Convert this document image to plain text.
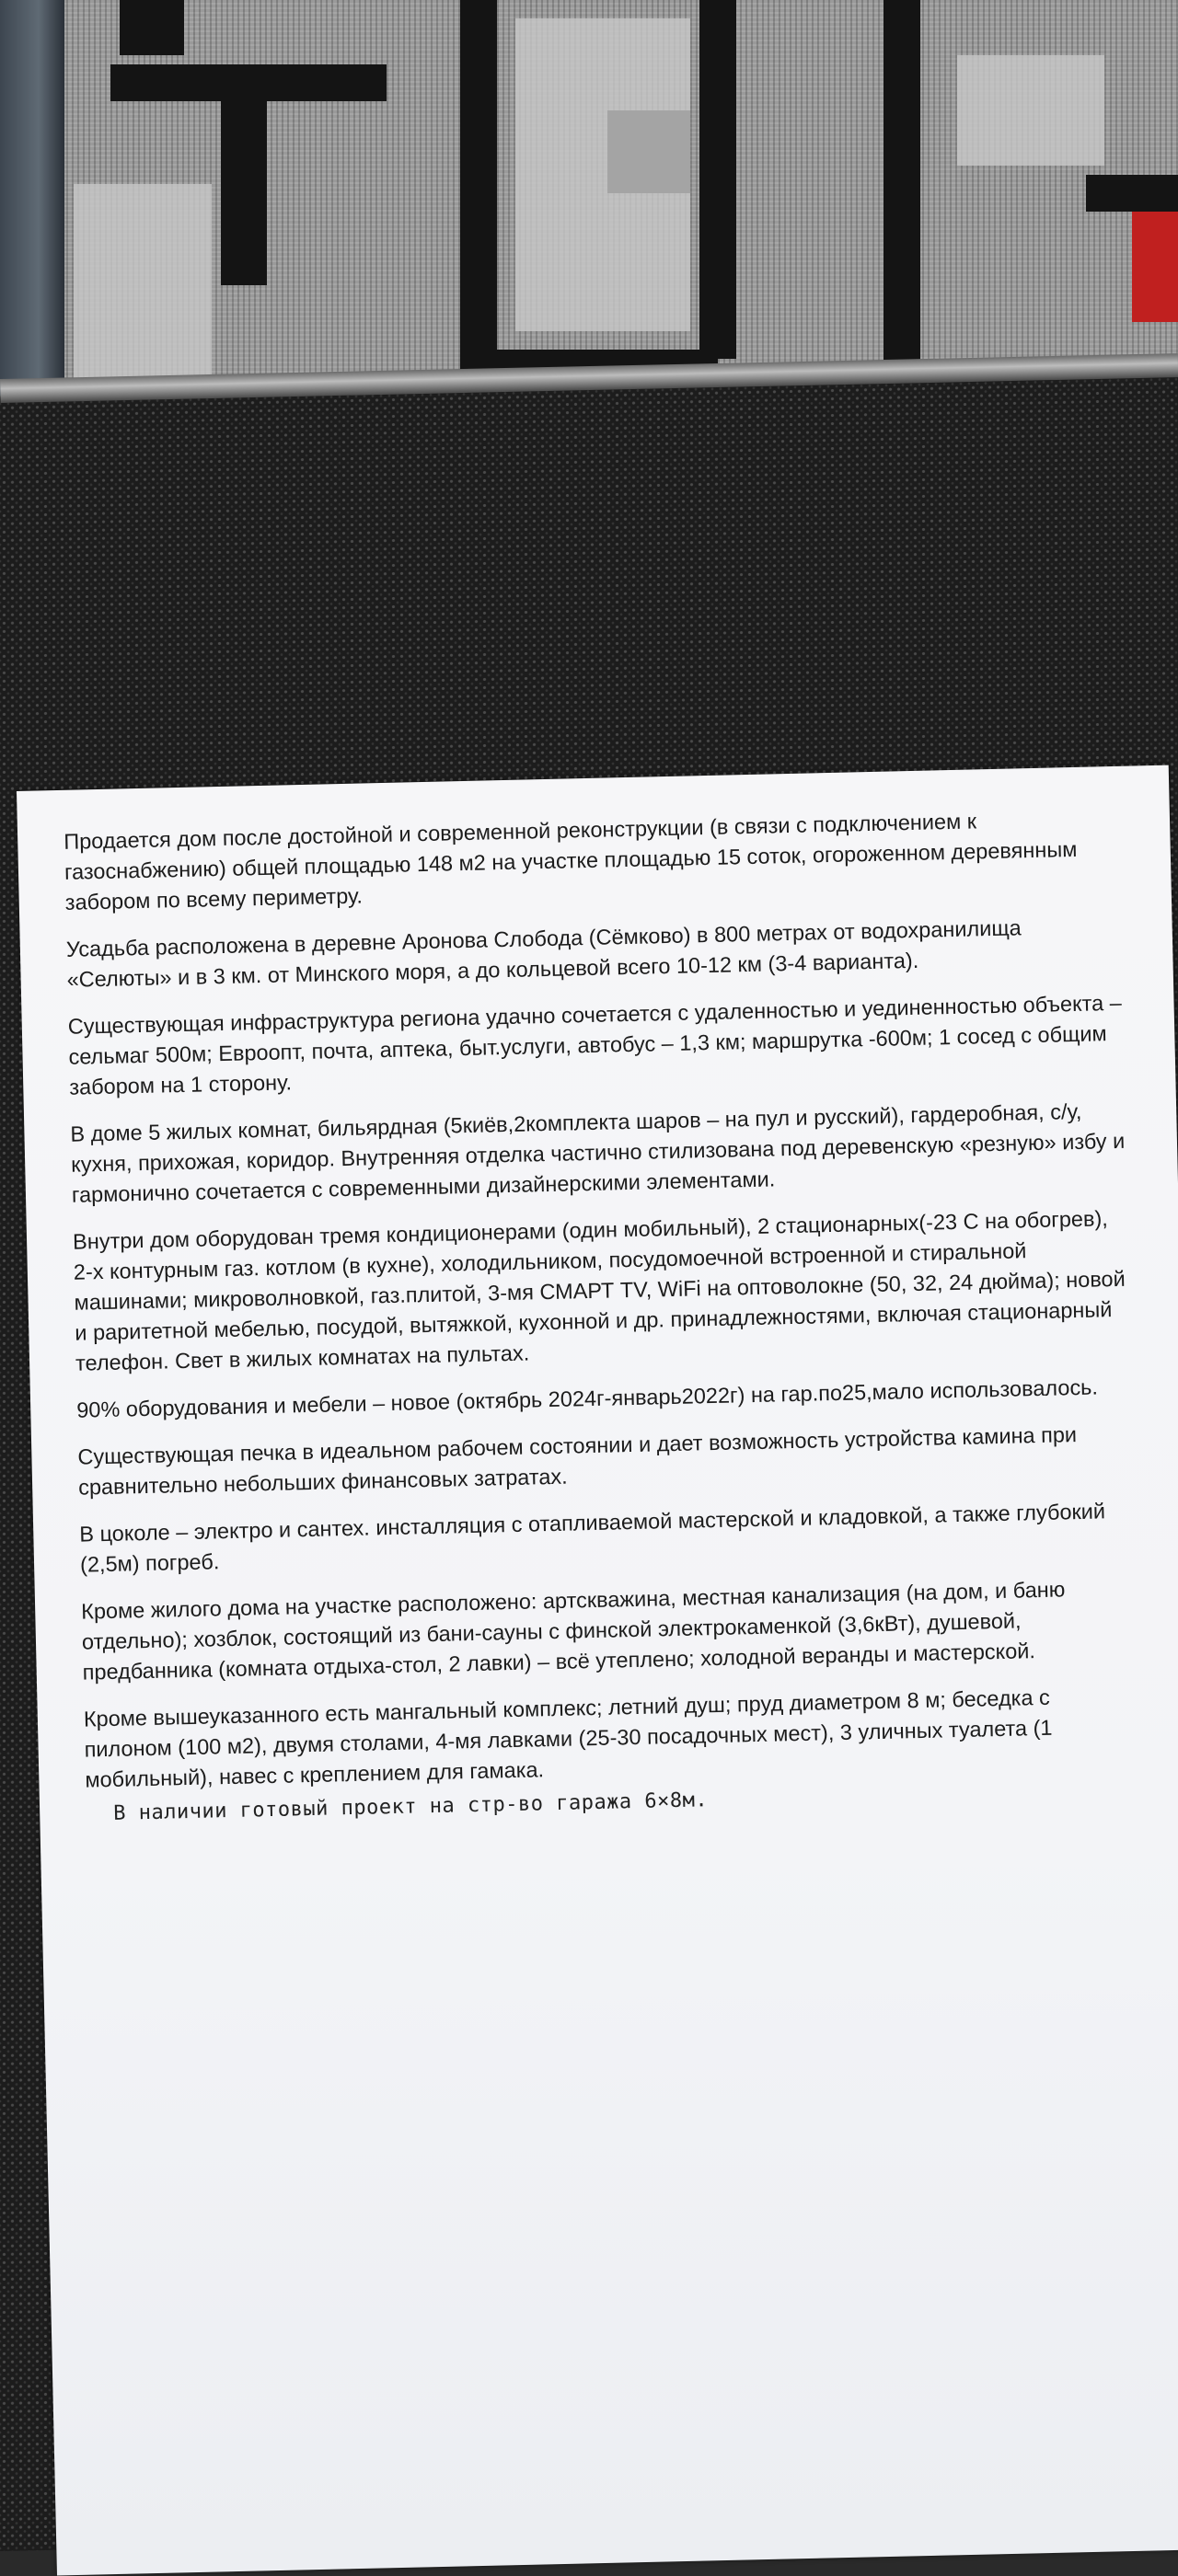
Продается дом после достойной и современной реконструкции (в связи с подключением к газоснабжению) общей площадью 148 м2 на участке площадью 15 соток, огороженном деревянным забором по всему периметру.

Усадьба расположена в деревне Аронова Слобода (Сёмково) в 800 метрах от водохранилища «Селюты» и в 3 км. от Минского моря, а до кольцевой всего 10-12 км (3-4 варианта).

Существующая инфраструктура региона удачно сочетается с удаленностью и уединенностью объекта – сельмаг 500м; Евроопт, почта, аптека, быт.услуги, автобус – 1,3 км; маршрутка -600м; 1 сосед с общим забором на 1 сторону.

В доме 5 жилых комнат, бильярдная (5киёв,2комплекта шаров – на пул и русский), гардеробная, с/у, кухня, прихожая, коридор. Внутренняя отделка частично стилизована под деревенскую «резную» избу и гармонично сочетается с современными дизайнерскими элементами.

Внутри дом оборудован тремя кондиционерами (один мобильный), 2 стационарных(-23 С на обогрев), 2-х контурным газ. котлом (в кухне), холодильником, посудомоечной встроенной и стиральной машинами; микроволновкой, газ.плитой, 3-мя СМАРТ TV, WiFi на оптоволокне (50, 32, 24 дюйма); новой и раритетной мебелью, посудой, вытяжкой, кухонной и др. принадлежностями, включая стационарный телефон. Свет в жилых комнатах на пультах.

90% оборудования и мебели – новое (октябрь 2024г-январь2022г) на гар.по25,мало использовалось.

Существующая печка в идеальном рабочем состоянии и дает возможность устройства камина при сравнительно небольших финансовых затратах.

В цоколе – электро и сантех. инсталляция с отапливаемой мастерской и кладовкой, а также глубокий (2,5м) погреб.

Кроме жилого дома на участке расположено: артскважина, местная канализация (на дом, и баню отдельно); хозблок, состоящий из бани-сауны с финской электрокаменкой (3,6кВт), душевой, предбанника (комната отдыха-стол, 2 лавки) – всё утеплено; холодной веранды и мастерской.

Кроме вышеуказанного есть мангальный комплекс; летний душ; пруд диаметром 8 м; беседка с пилоном (100 м2), двумя столами, 4-мя лавками (25-30 посадочных мест), 3 уличных туалета (1 мобильный), навес с креплением для гамака.

В наличии готовый проект на стр-во гаража 6×8м.
